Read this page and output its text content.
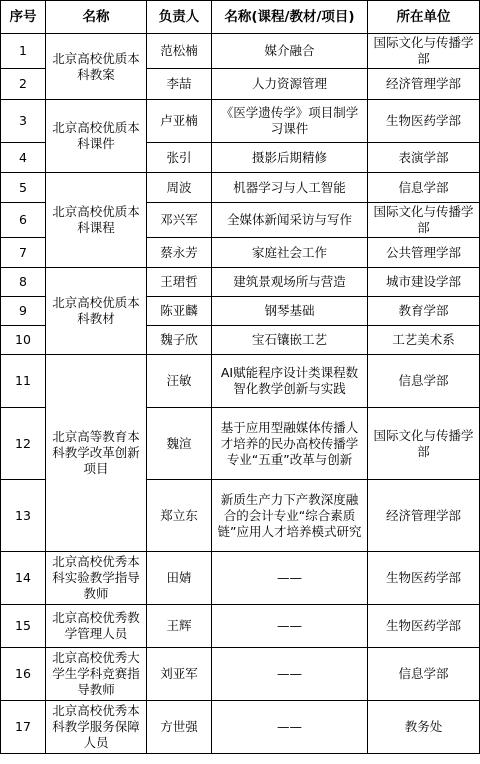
序号	名称	负责人	名称(课程/教材/项目)	所在单位
1	北京高校优质本科教案	范松楠	媒介融合	国际文化与传播学部
2		李喆	人力资源管理	经济管理学部
3	北京高校优质本科课件	卢亚楠	《医学遗传学》项目制学习课件	生物医药学部
4		张引	摄影后期精修	表演学部
5	北京高校优质本科课程	周波	机器学习与人工智能	信息学部
6		邓兴军	全媒体新闻采访与写作	国际文化与传播学部
7		蔡永芳	家庭社会工作	公共管理学部
8	北京高校优质本科教材	王珺哲	建筑景观场所与营造	城市建设学部
9		陈亚麟	钢琴基础	教育学部
10		魏子欣	宝石镶嵌工艺	工艺美术系
11	北京高等教育本科教学改革创新项目	汪敏	AI赋能程序设计类课程数智化教学创新与实践	信息学部
12		魏渲	基于应用型融媒体传播人才培养的民办高校传播学专业“五重”改革与创新	国际文化与传播学部
13		郑立东	新质生产力下产教深度融合的会计专业“综合素质链”应用人才培养模式研究	经济管理学部
14	北京高校优秀本科实验教学指导教师	田婧	——	生物医药学部
15	北京高校优秀教学管理人员	王辉	——	生物医药学部
16	北京高校优秀大学生学科竞赛指导教师	刘亚军	——	信息学部
17	北京高校优秀本科教学服务保障人员	方世强	——	教务处
